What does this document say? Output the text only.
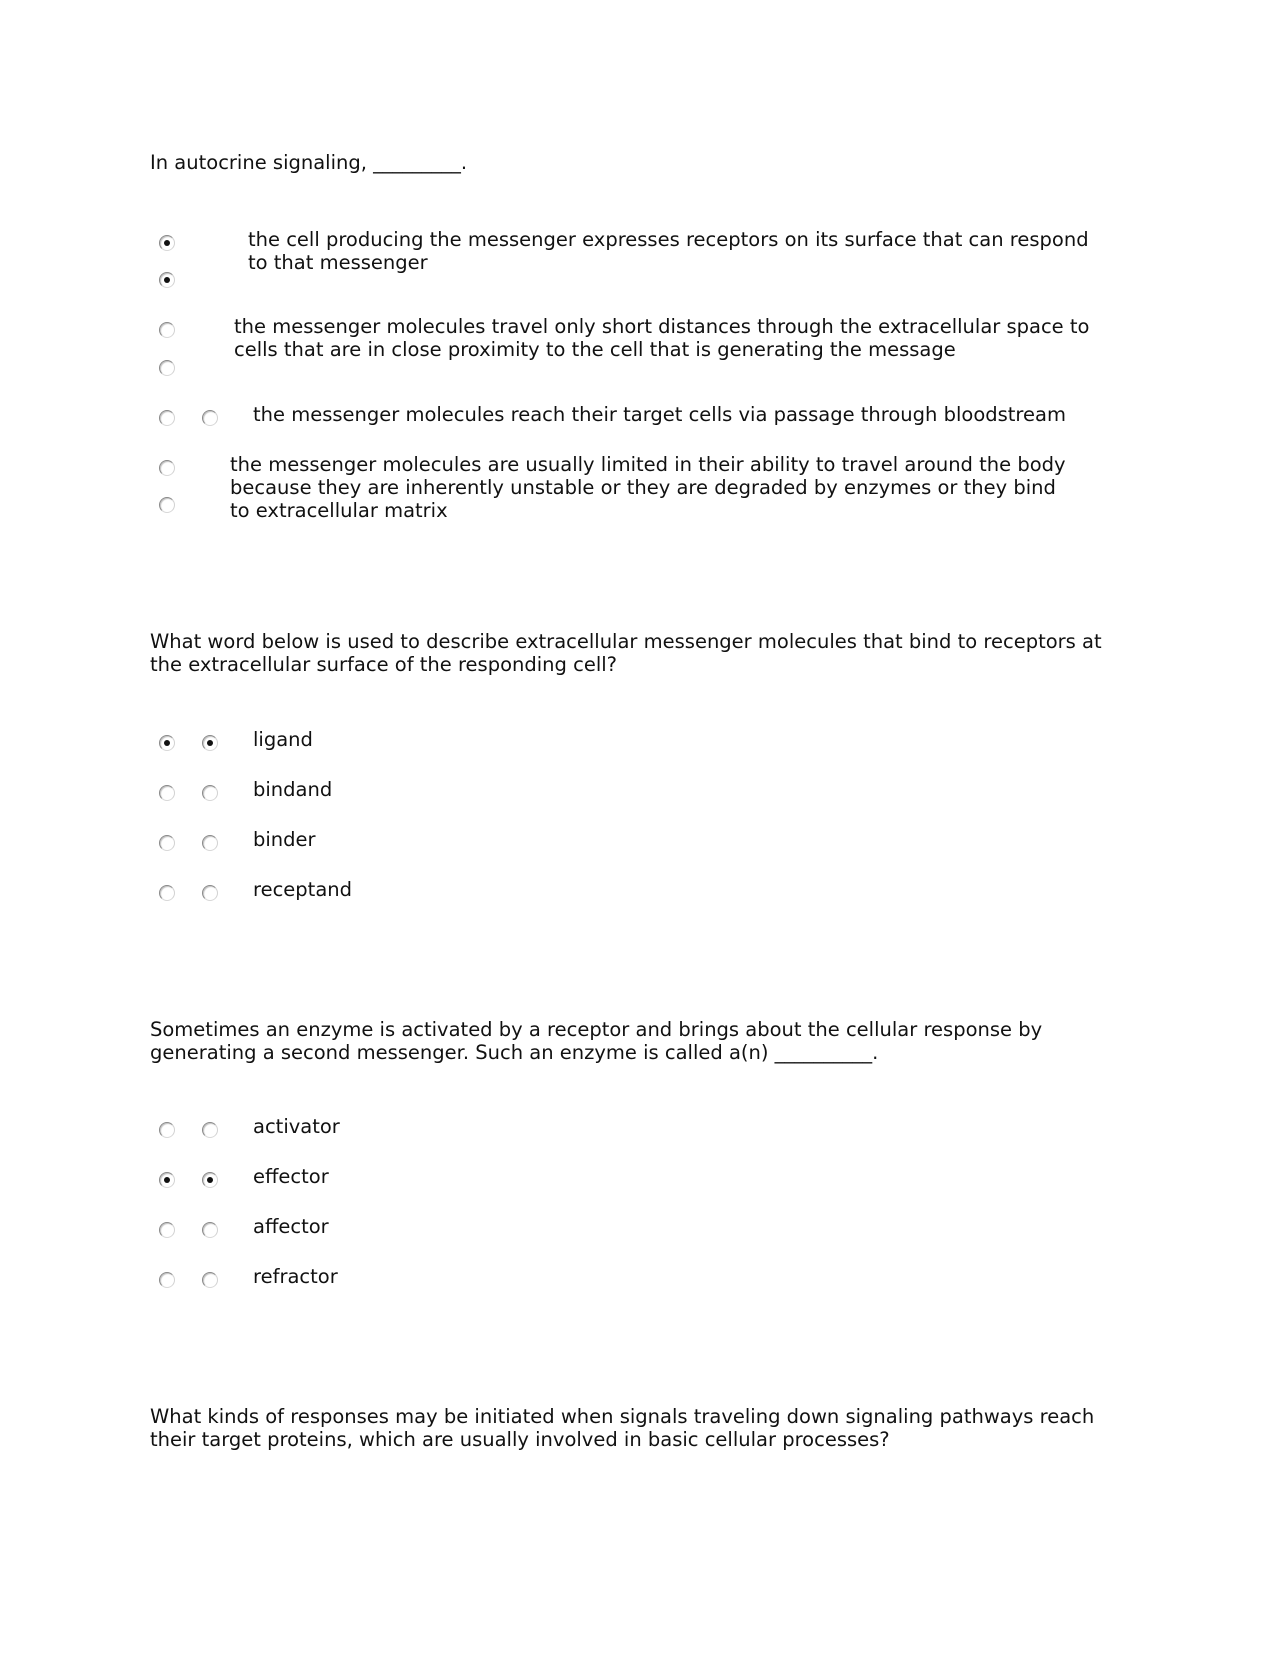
In autocrine signaling, _________.

the cell producing the messenger expresses receptors on its surface that can respond to that messenger

the messenger molecules travel only short distances through the extracellular space to cells that are in close proximity to the cell that is generating the message

the messenger molecules reach their target cells via passage through bloodstream

the messenger molecules are usually limited in their ability to travel around the body because they are inherently unstable or they are degraded by enzymes or they bind to extracellular matrix

What word below is used to describe extracellular messenger molecules that bind to receptors at the extracellular surface of the responding cell?

ligand

bindand

binder

receptand

Sometimes an enzyme is activated by a receptor and brings about the cellular response by generating a second messenger. Such an enzyme is called a(n) __________.

activator

effector

affector

refractor

What kinds of responses may be initiated when signals traveling down signaling pathways reach their target proteins, which are usually involved in basic cellular processes?
